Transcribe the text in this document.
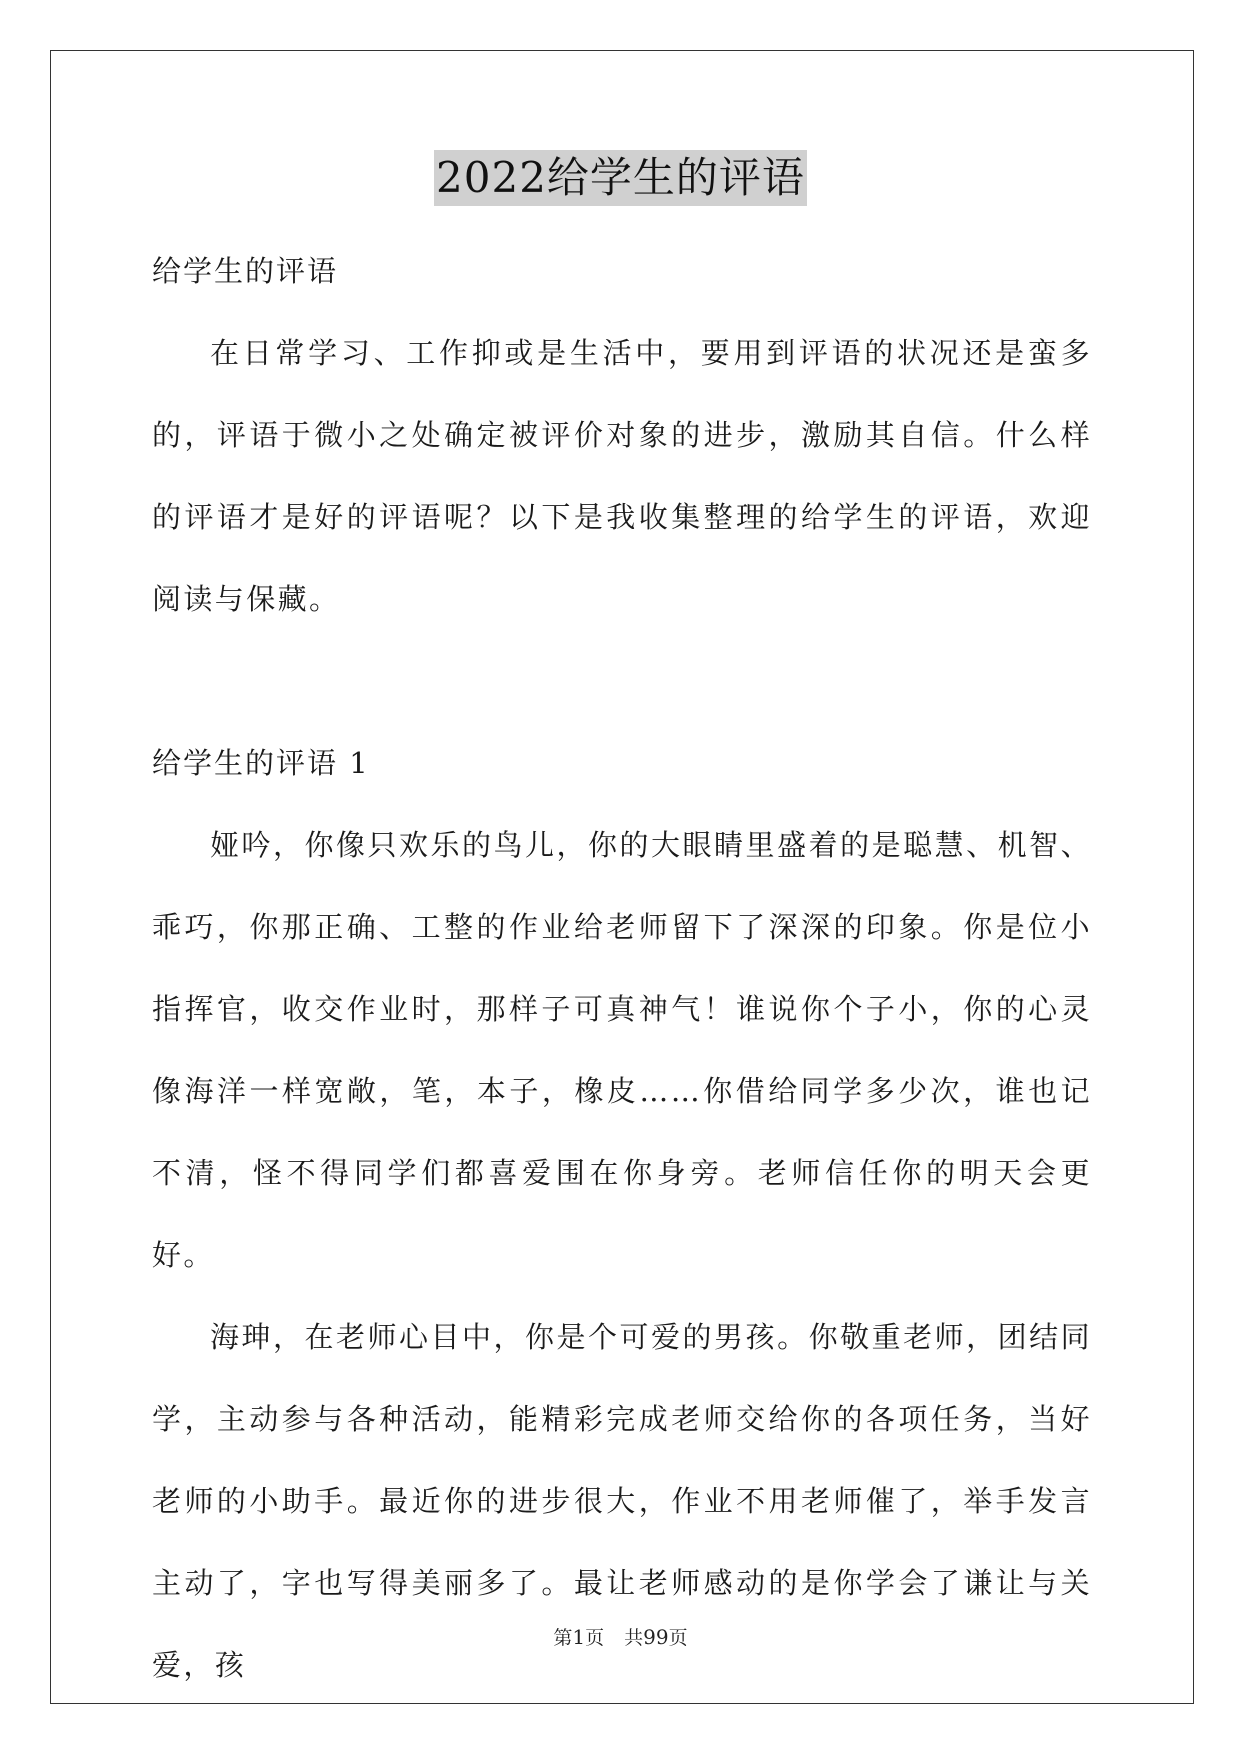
2022给学生的评语

给学生的评语

在日常学习、工作抑或是生活中，要用到评语的状况还是蛮多的，评语于微小之处确定被评价对象的进步，激励其自信。什么样的评语才是好的评语呢？以下是我收集整理的给学生的评语，欢迎阅读与保藏。

给学生的评语 1

娅吟，你像只欢乐的鸟儿，你的大眼睛里盛着的是聪慧、机智、乖巧，你那正确、工整的作业给老师留下了深深的印象。你是位小指挥官，收交作业时，那样子可真神气！谁说你个子小，你的心灵像海洋一样宽敞，笔，本子，橡皮……你借给同学多少次，谁也记不清，怪不得同学们都喜爱围在你身旁。老师信任你的明天会更好。

海珅，在老师心目中，你是个可爱的男孩。你敬重老师，团结同学，主动参与各种活动，能精彩完成老师交给你的各项任务，当好老师的小助手。最近你的进步很大，作业不用老师催了，举手发言主动了，字也写得美丽多了。最让老师感动的是你学会了谦让与关爱，孩

第1页 共99页
